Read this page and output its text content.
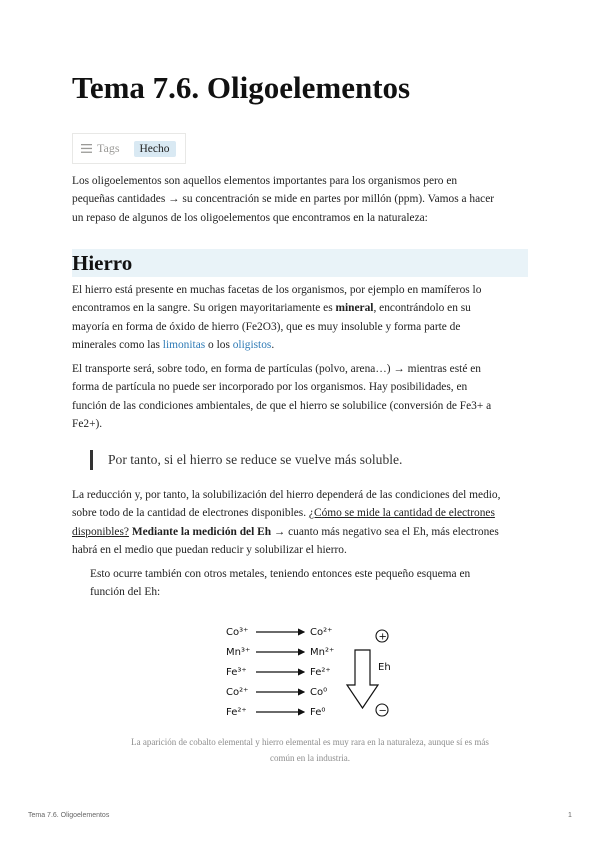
Tema 7.6. Oligoelementos
Tags	Hecho
Los oligoelementos son aquellos elementos importantes para los organismos pero en
pequeñas cantidades → su concentración se mide en partes por millón (ppm). Vamos a hacer
un repaso de algunos de los oligoelementos que encontramos en la naturaleza:
Hierro
El hierro está presente en muchas facetas de los organismos, por ejemplo en mamíferos lo
encontramos en la sangre. Su origen mayoritariamente es mineral, encontrándolo en su
mayoría en forma de óxido de hierro (Fe2O3), que es muy insoluble y forma parte de
minerales como las limonitas o los oligistos.
El transporte será, sobre todo, en forma de partículas (polvo, arena…) → mientras esté en
forma de partícula no puede ser incorporado por los organismos. Hay posibilidades, en
función de las condiciones ambientales, de que el hierro se solubilice (conversión de Fe3+ a
Fe2+).
Por tanto, si el hierro se reduce se vuelve más soluble.
La reducción y, por tanto, la solubilización del hierro dependerá de las condiciones del medio,
sobre todo de la cantidad de electrones disponibles. ¿Cómo se mide la cantidad de electrones
disponibles? Mediante la medición del Eh → cuanto más negativo sea el Eh, más electrones
habrá en el medio que puedan reducir y solubilizar el hierro.
Esto ocurre también con otros metales, teniendo entonces este pequeño esquema en
función del Eh:
Co³⁺	Co²⁺
Mn³⁺	Mn²⁺
Fe³⁺	Fe²⁺
Co²⁺	Co⁰
Fe²⁺	Fe⁰
+
Eh
−
La aparición de cobalto elemental y hierro elemental es muy rara en la naturaleza, aunque sí es más
común en la industria.
Tema 7.6. Oligoelementos	1
